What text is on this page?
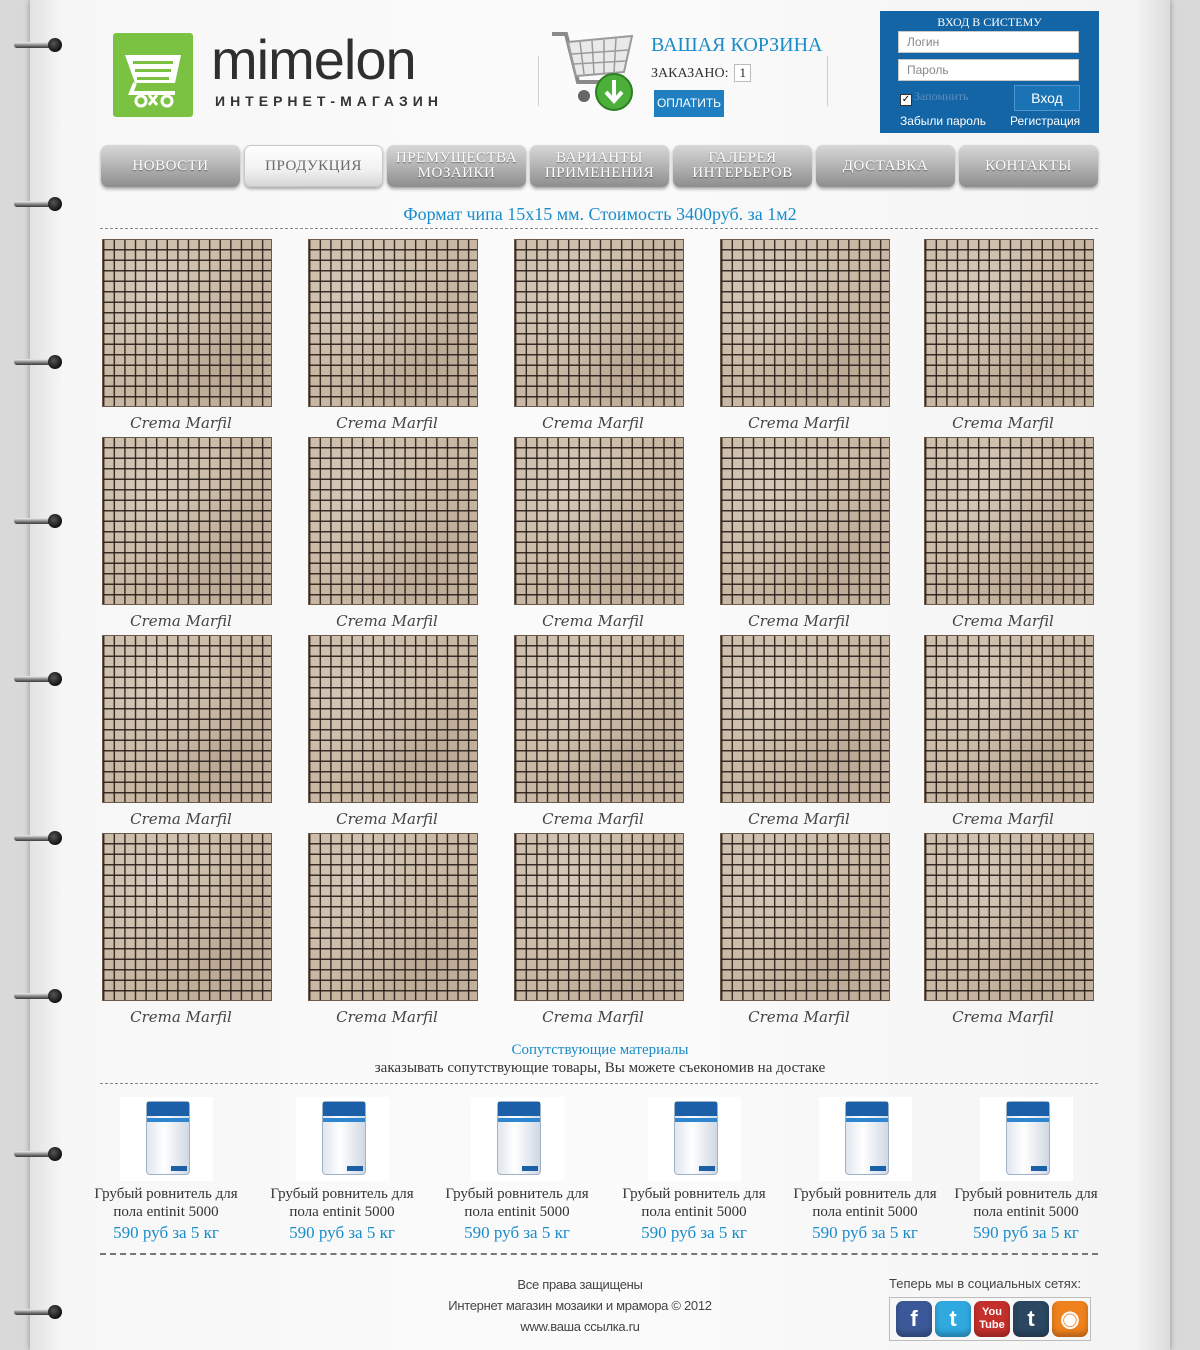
mimelon
ИНТЕРНЕТ-МАГАЗИН
ВАШАЯ КОРЗИНА
ЗАКАЗАНО: 1
ОПЛАТИТЬ
ВХОД В СИСТЕМУ
Логин
✓ Запомнить	Вход
Забыли пароль Регистрация
НОВОСТИ	ПРОДУКЦИЯ	ПРЕМУЩЕСТВА МОЗАИКИ
ВАРИАНТЫ ПРИМЕНЕНИЯ
ГАЛЕРЕЯ ИНТЕРЬЕРОВ	ДОСТАВКА	КОНТАКТЫ
Формат чипа 15x15 мм. Стоимость 3400руб. за 1м2
Crema Marfil	Crema Marfil	Crema Marfil	Crema Marfil	Crema Marfil
Crema Marfil	Crema Marfil	Crema Marfil	Crema Marfil	Crema Marfil
Crema Marfil	Crema Marfil	Crema Marfil	Crema Marfil	Crema Marfil
Crema Marfil	Crema Marfil	Crema Marfil	Crema Marfil	Crema Marfil
Сопутствующие материалы
заказывать сопутствующие товары, Вы можете съекономив на достаке
Грубый ровнитель для пола entinit 5000
590 руб за 5 кг
Грубый ровнитель для пола entinit 5000
590 руб за 5 кг
Грубый ровнитель для пола entinit 5000
590 руб за 5 кг
Грубый ровнитель для пола entinit 5000
590 руб за 5 кг
Грубый ровнитель для пола entinit 5000
590 руб за 5 кг
Грубый ровнитель для пола entinit 5000
590 руб за 5 кг
Все права защищены
Интернет магазин мозаики и мрамора © 2012
www.ваша ссылка.ru
Теперь мы в социальных сетях:
f	t	You Tube	t	◉
